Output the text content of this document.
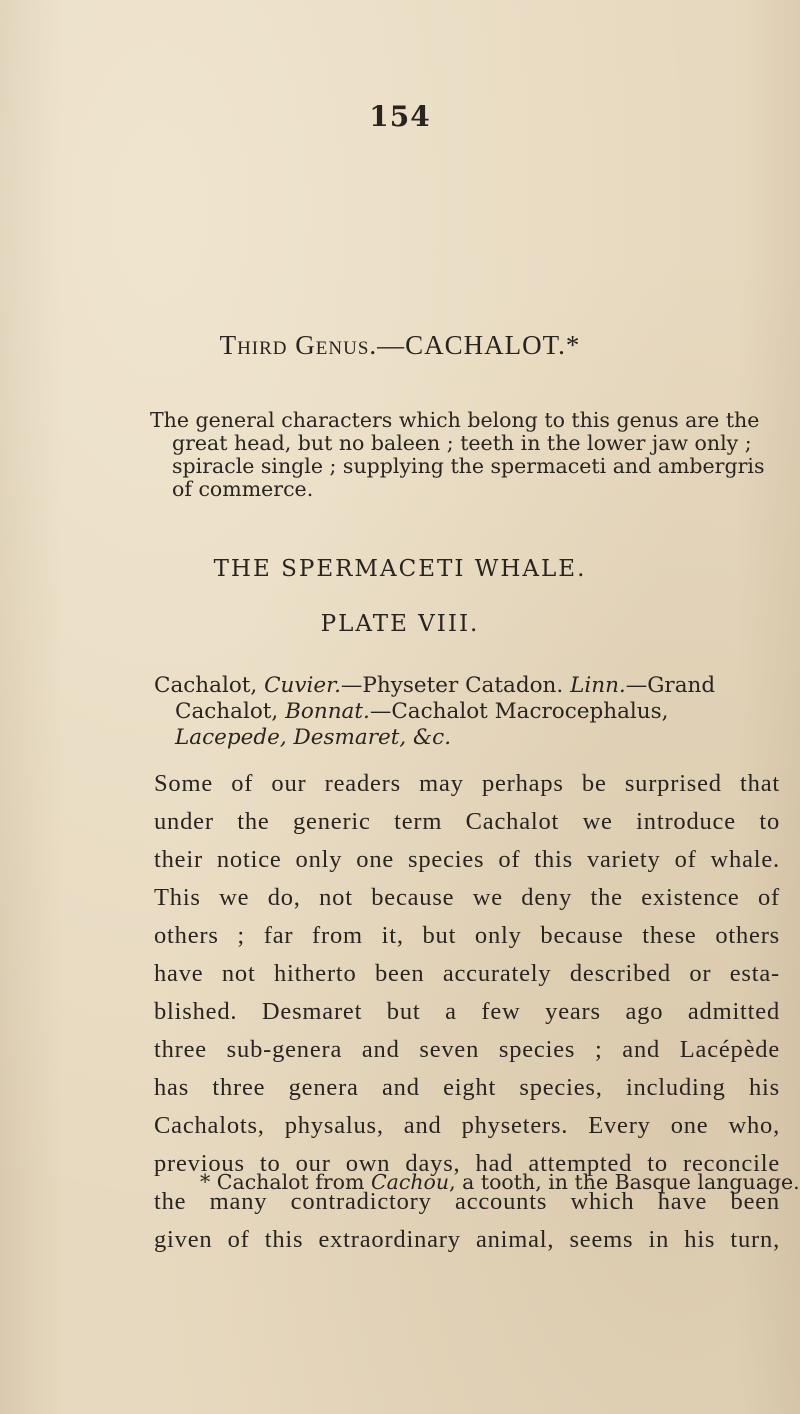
154
Third Genus.—CACHALOT.*
The general characters which belong to this genus are the great head, but no baleen ; teeth in the lower jaw only ; spiracle single ; supplying the spermaceti and ambergris of commerce.
THE SPERMACETI WHALE.
PLATE VIII.
Cachalot, Cuvier.—Physeter Catadon. Linn.—Grand Cachalot, Bonnat.—Cachalot Macrocephalus, Lacepede, Desmaret, &c.
Some of our readers may perhaps be surprised that
under the generic term Cachalot we introduce to
their notice only one species of this variety of whale.
This we do, not because we deny the existence of
others ; far from it, but only because these others
have not hitherto been accurately described or esta-
blished. Desmaret but a few years ago admitted
three sub-genera and seven species ; and Lacépède
has three genera and eight species, including his
Cachalots, physalus, and physeters. Every one who,
previous to our own days, had attempted to reconcile
the many contradictory accounts which have been
given of this extraordinary animal, seems in his turn,
* Cachalot from Cachou, a tooth, in the Basque language.
